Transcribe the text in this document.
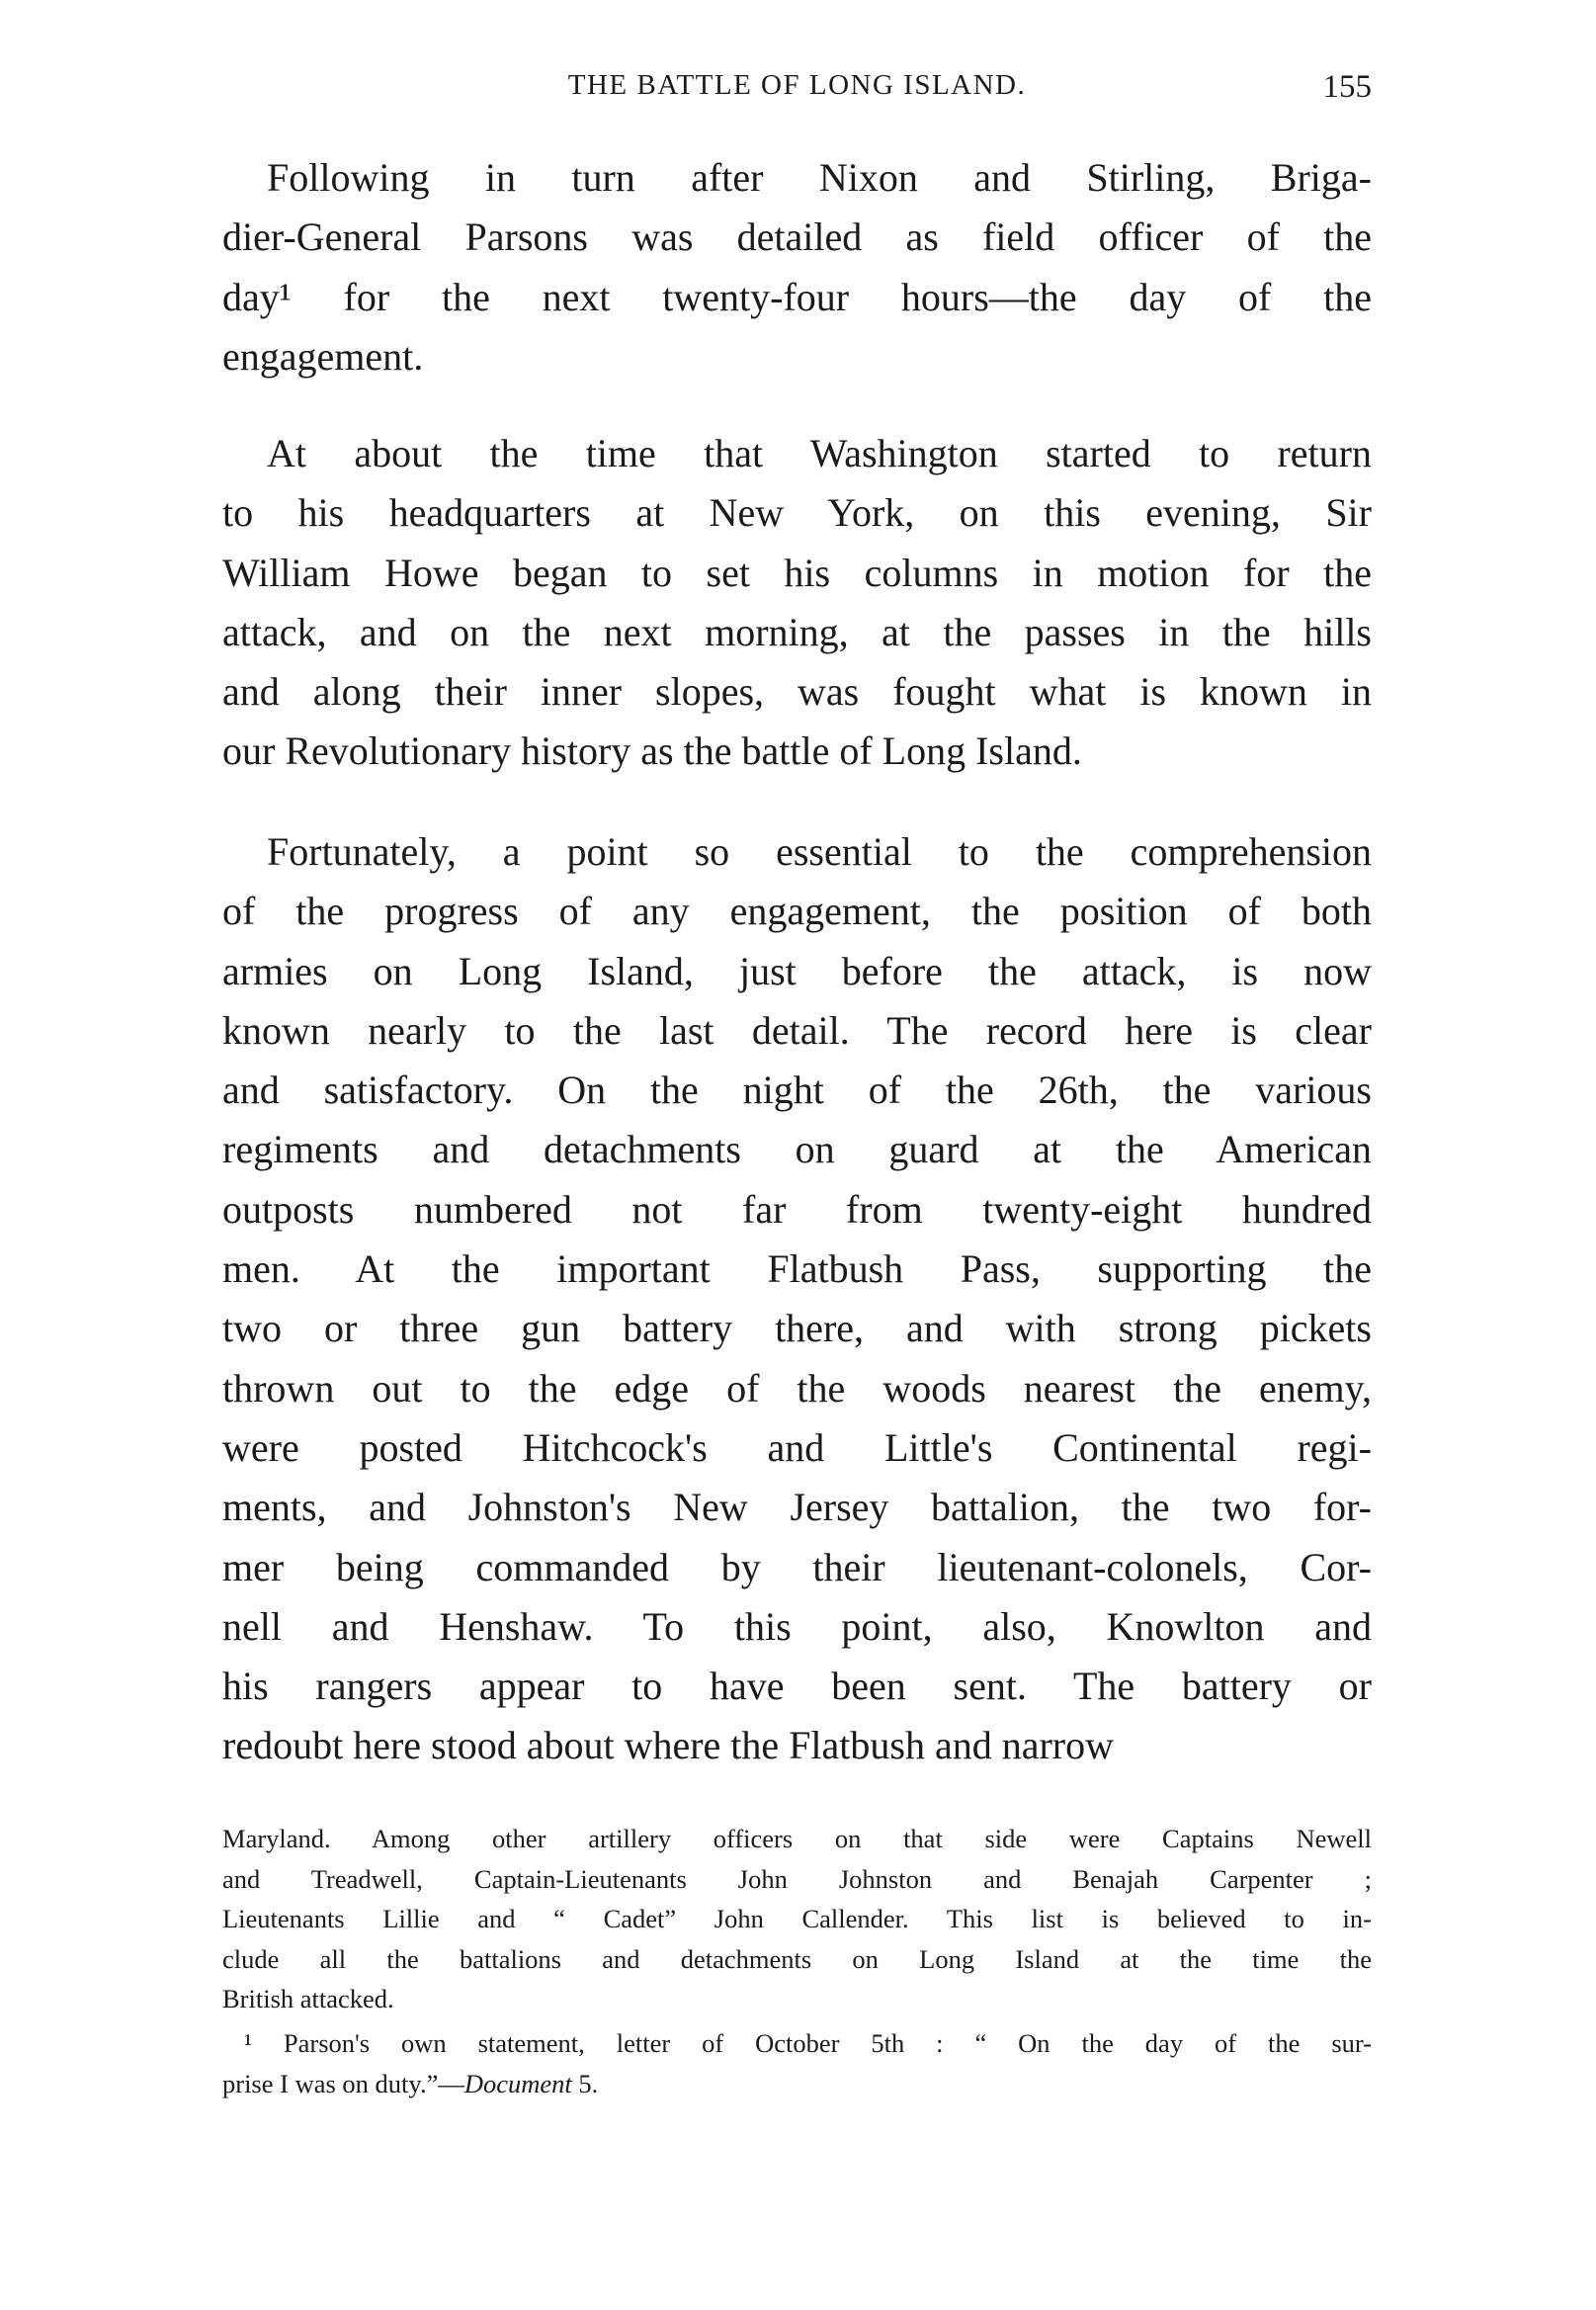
THE BATTLE OF LONG ISLAND.	155
Following in turn after Nixon and Stirling, Briga-
dier-General Parsons was detailed as field officer of the
day¹ for the next twenty-four hours—the day of the
engagement.
At about the time that Washington started to return
to his headquarters at New York, on this evening, Sir
William Howe began to set his columns in motion for the
attack, and on the next morning, at the passes in the hills
and along their inner slopes, was fought what is known in
our Revolutionary history as the battle of Long Island.
Fortunately, a point so essential to the comprehension
of the progress of any engagement, the position of both
armies on Long Island, just before the attack, is now
known nearly to the last detail. The record here is clear
and satisfactory. On the night of the 26th, the various
regiments and detachments on guard at the American
outposts numbered not far from twenty-eight hundred
men. At the important Flatbush Pass, supporting the
two or three gun battery there, and with strong pickets
thrown out to the edge of the woods nearest the enemy,
were posted Hitchcock's and Little's Continental regi-
ments, and Johnston's New Jersey battalion, the two for-
mer being commanded by their lieutenant-colonels, Cor-
nell and Henshaw. To this point, also, Knowlton and
his rangers appear to have been sent. The battery or
redoubt here stood about where the Flatbush and narrow
Maryland. Among other artillery officers on that side were Captains Newell
and Treadwell, Captain-Lieutenants John Johnston and Benajah Carpenter ;
Lieutenants Lillie and “ Cadet” John Callender. This list is believed to in-
clude all the battalions and detachments on Long Island at the time the
British attacked.
¹ Parson's own statement, letter of October 5th : “ On the day of the sur-
prise I was on duty.”—Document 5.
